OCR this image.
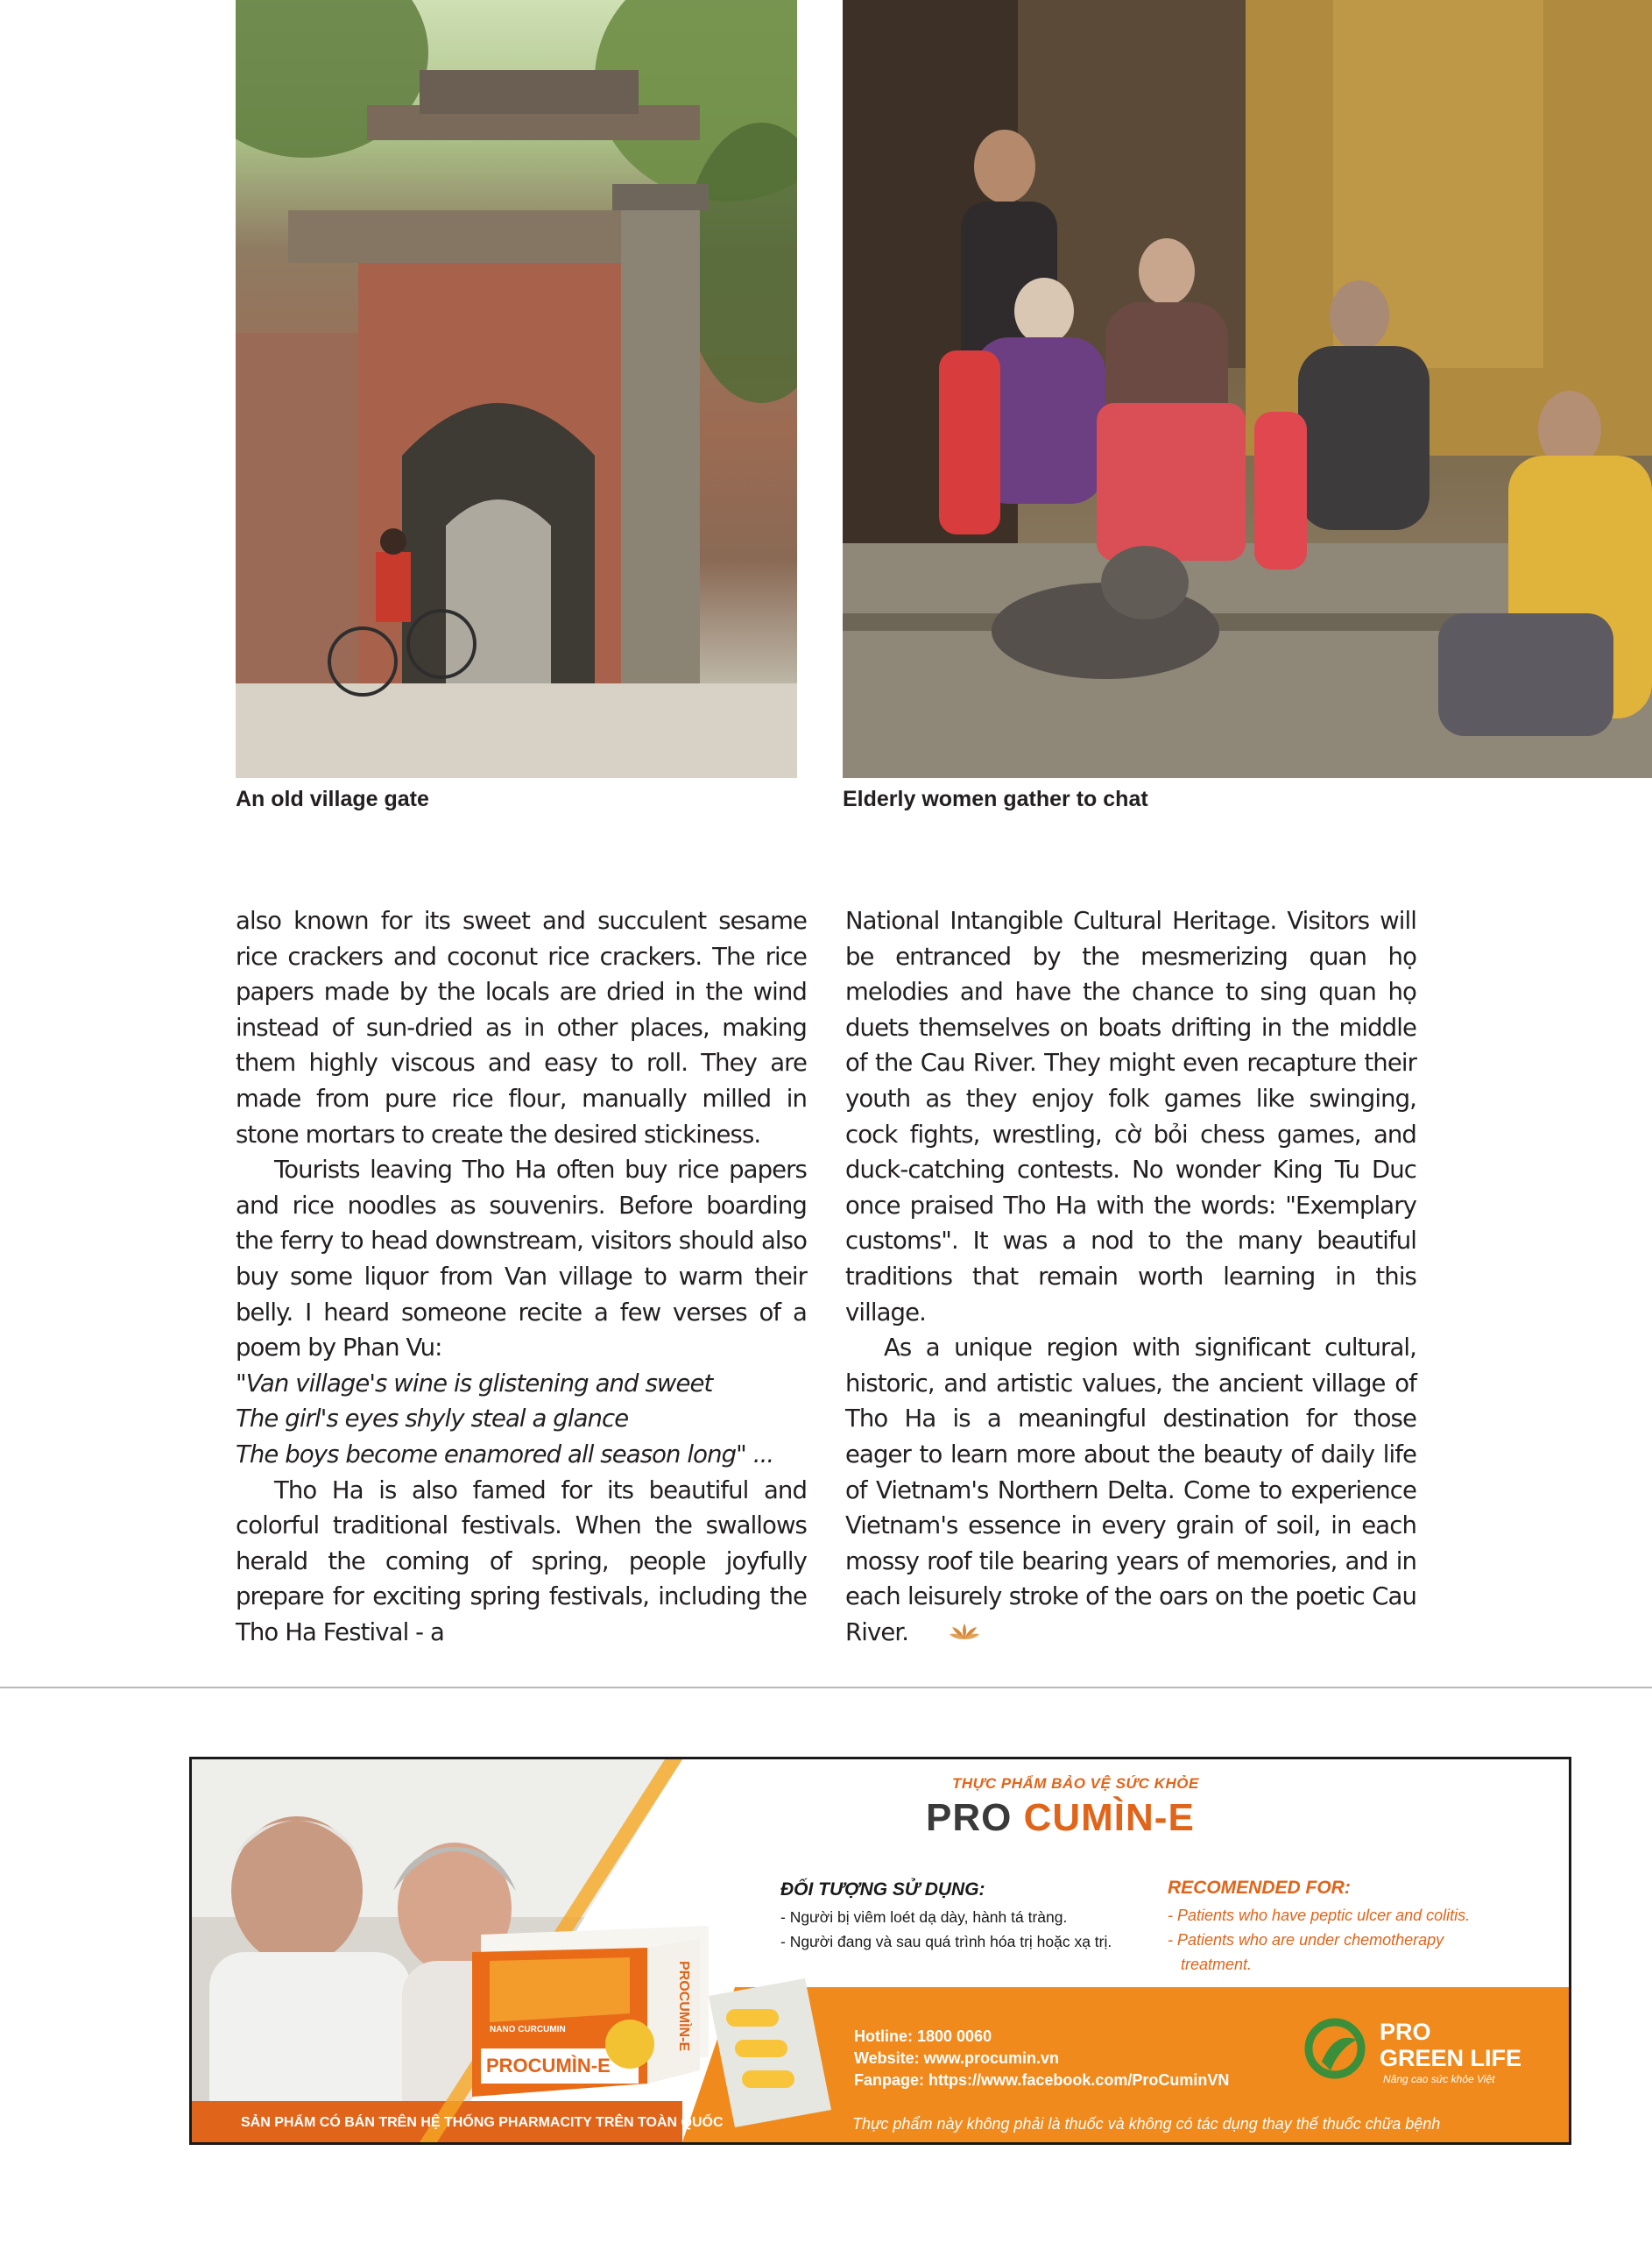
An old village gate	Elderly women gather to chat

also known for its sweet and succulent sesame rice crackers and coconut rice crackers. The rice papers made by the locals are dried in the wind instead of sun-dried as in other places, making them highly viscous and easy to roll. They are made from pure rice flour, manually milled in stone mortars to create the desired stickiness.

Tourists leaving Tho Ha often buy rice papers and rice noodles as souvenirs. Before boarding the ferry to head downstream, visitors should also buy some liquor from Van village to warm their belly. I heard someone recite a few verses of a poem by Phan Vu:

"Van village's wine is glistening and sweet

The girl's eyes shyly steal a glance

The boys become enamored all season long" ...

Tho Ha is also famed for its beautiful and colorful traditional festivals. When the swallows herald the coming of spring, people joyfully prepare for exciting spring festivals, including the Tho Ha Festival - a

National Intangible Cultural Heritage. Visitors will be entranced by the mesmerizing quan họ melodies and have the chance to sing quan họ duets themselves on boats drifting in the middle of the Cau River. They might even recapture their youth as they enjoy folk games like swinging, cock fights, wrestling, cờ bỏi chess games, and duck-catching contests. No wonder King Tu Duc once praised Tho Ha with the words: "Exemplary customs". It was a nod to the many beautiful traditions that remain worth learning in this village.

As a unique region with significant cultural, historic, and artistic values, the ancient village of Tho Ha is a meaningful destination for those eager to learn more about the beauty of daily life of Vietnam's Northern Delta. Come to experience Vietnam's essence in every grain of soil, in each mossy roof tile bearing years of memories, and in each leisurely stroke of the oars on the poetic Cau River.

THỰC PHẨM BẢO VỆ SỨC KHỎE
PRO CUMÌN-E
ĐỐI TƯỢNG SỬ DỤNG:
- Người bị viêm loét dạ dày, hành tá tràng.
- Người đang và sau quá trình hóa trị hoặc xạ trị.
RECOMENDED FOR:
- Patients who have peptic ulcer and colitis.
- Patients who are under chemotherapy
treatment.
Hotline: 1800 0060
Website: www.procumin.vn
Fanpage: https://www.facebook.com/ProCuminVN
PRO
GREEN LIFE
Nâng cao sức khỏe Việt
SẢN PHẨM CÓ BÁN TRÊN HỆ THỐNG PHARMACITY TRÊN TOÀN QUỐC	Thực phẩm này không phải là thuốc và không có tác dụng thay thế thuốc chữa bệnh
NANO CURCUMIN
PROCUMÌN-E
PROCUMÌN-E
